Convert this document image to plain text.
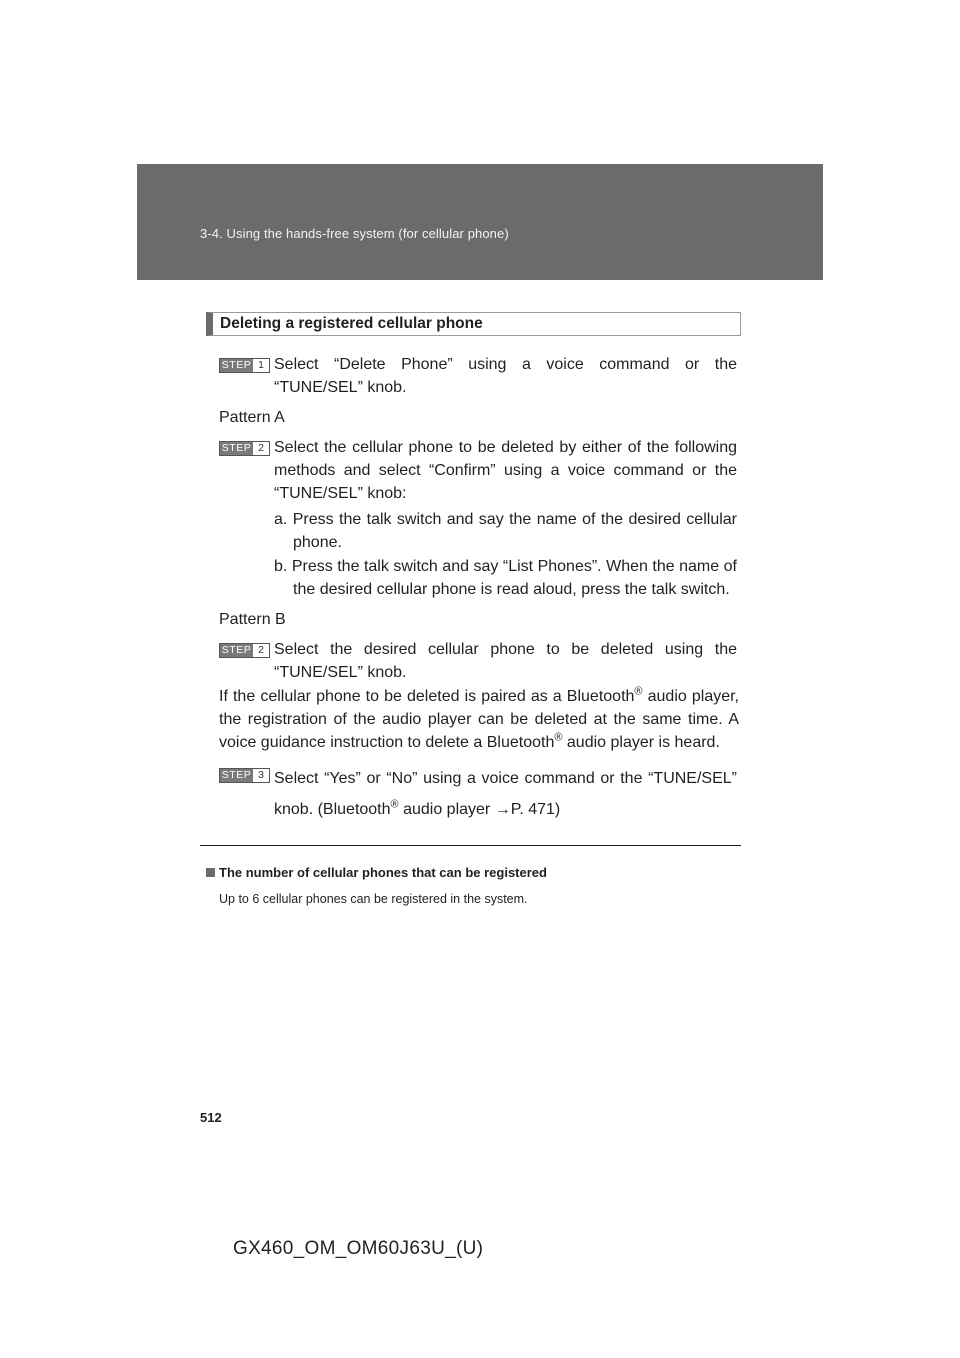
3-4. Using the hands-free system (for cellular phone)
Deleting a registered cellular phone
STEP 1 Select “Delete Phone” using a voice command or the “TUNE/SEL” knob.
Pattern A
STEP 2 Select the cellular phone to be deleted by either of the following methods and select “Confirm” using a voice command or the “TUNE/SEL” knob:
a. Press the talk switch and say the name of the desired cellular phone.
b. Press the talk switch and say “List Phones”. When the name of the desired cellular phone is read aloud, press the talk switch.
Pattern B
STEP 2 Select the desired cellular phone to be deleted using the “TUNE/SEL” knob.
If the cellular phone to be deleted is paired as a Bluetooth® audio player, the registration of the audio player can be deleted at the same time. A voice guidance instruction to delete a Bluetooth® audio player is heard.
STEP 3 Select “Yes” or “No” using a voice command or the “TUNE/SEL” knob. (Bluetooth® audio player →P. 471)
The number of cellular phones that can be registered
Up to 6 cellular phones can be registered in the system.
512
GX460_OM_OM60J63U_(U)
